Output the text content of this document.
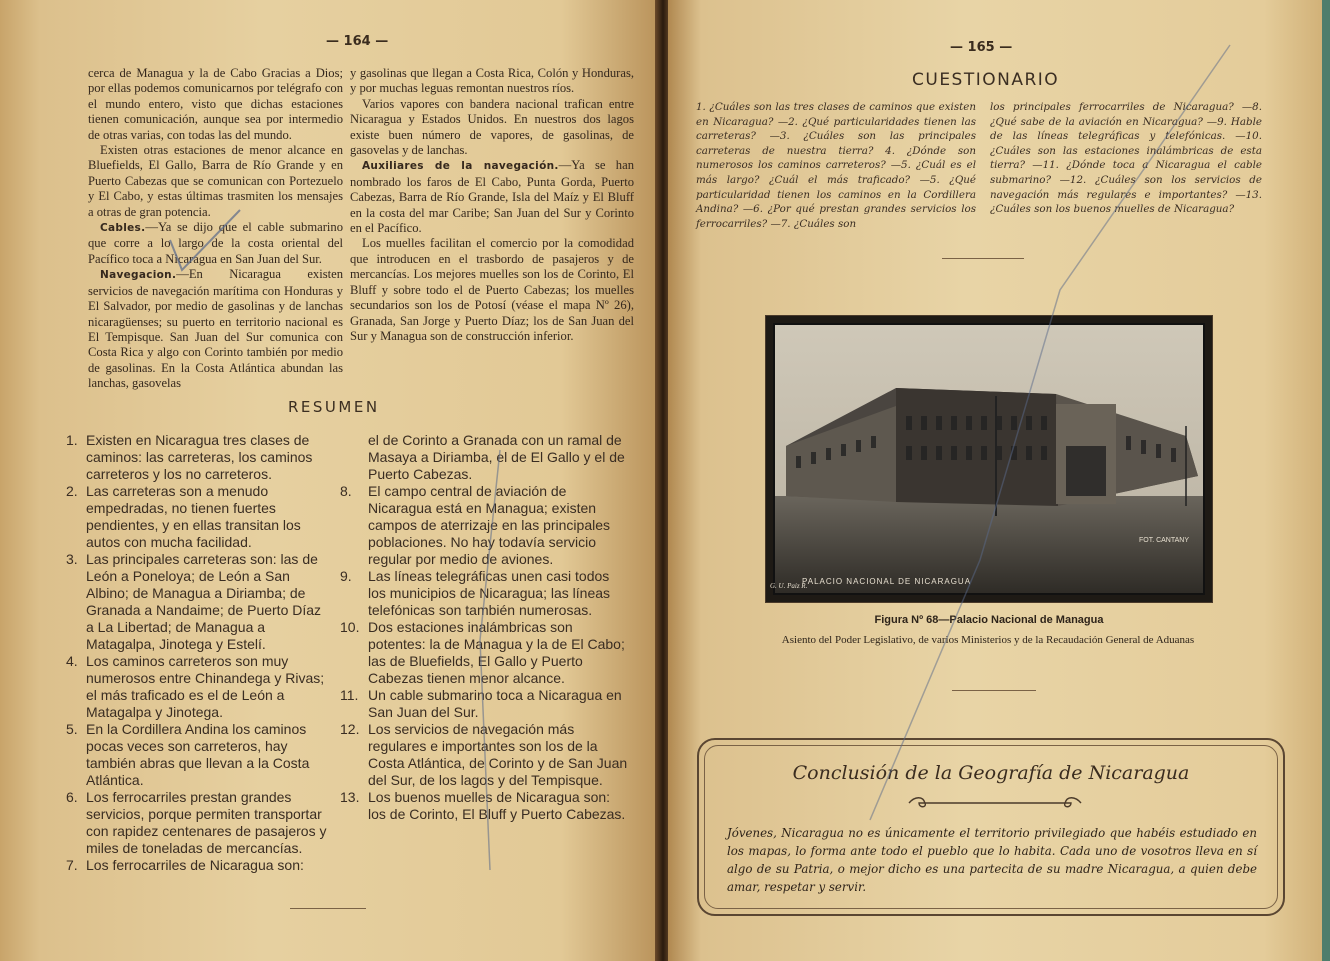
— 164 —

cerca de Managua y la de Cabo Gracias a Dios; por ellas podemos comunicarnos por telégrafo con el mundo entero, visto que dichas estaciones tienen comunicación, aunque sea por intermedio de otras varias, con todas las del mundo.

Existen otras estaciones de menor alcance en Bluefields, El Gallo, Barra de Río Grande y en Puerto Cabezas que se comunican con Portezuelo y El Cabo, y estas últimas trasmiten los mensajes a otras de gran potencia.

Cables.—Ya se dijo que el cable submarino que corre a lo largo de la costa oriental del Pacífico toca a Nicaragua en San Juan del Sur.

Navegacion.—En Nicaragua existen servicios de navegación marítima con Honduras y El Salvador, por medio de gasolinas y de lanchas nicaragüenses; su puerto en territorio nacional es El Tempisque. San Juan del Sur comunica con Costa Rica y algo con Corinto también por medio de gasolinas. En la Costa Atlántica abundan las lanchas, gasovelas

y gasolinas que llegan a Costa Rica, Colón y Honduras, y por muchas leguas remontan nuestros ríos.

Varios vapores con bandera nacional trafican entre Nicaragua y Estados Unidos. En nuestros dos lagos existe buen número de vapores, de gasolinas, de gasovelas y de lanchas.

Auxiliares de la navegación.—Ya se han nombrado los faros de El Cabo, Punta Gorda, Puerto Cabezas, Barra de Río Grande, Isla del Maíz y El Bluff en la costa del mar Caribe; San Juan del Sur y Corinto en el Pacífico.

Los muelles facilitan el comercio por la comodidad que introducen en el trasbordo de pasajeros y de mercancías. Los mejores muelles son los de Corinto, El Bluff y sobre todo el de Puerto Cabezas; los muelles secundarios son los de Potosí (véase el mapa Nº 26), Granada, San Jorge y Puerto Díaz; los de San Juan del Sur y Managua son de construcción inferior.

RESUMEN
1. Existen en Nicaragua tres clases de caminos: las carreteras, los caminos carreteros y los no carreteros.
2. Las carreteras son a menudo empedradas, no tienen fuertes pendientes, y en ellas transitan los autos con mucha facilidad.
3. Las principales carreteras son: las de León a Poneloya; de León a San Albino; de Managua a Diriamba; de Granada a Nandaime; de Puerto Díaz a La Libertad; de Managua a Matagalpa, Jinotega y Estelí.
4. Los caminos carreteros son muy numerosos entre Chinandega y Rivas; el más traficado es el de León a Matagalpa y Jinotega.
5. En la Cordillera Andina los caminos pocas veces son carreteros, hay también abras que llevan a la Costa Atlántica.
6. Los ferrocarriles prestan grandes servicios, porque permiten transportar con rapidez centenares de pasajeros y miles de toneladas de mercancías.
7. Los ferrocarriles de Nicaragua son:
el de Corinto a Granada con un ramal de Masaya a Diriamba, el de El Gallo y el de Puerto Cabezas.
8.	El campo central de aviación de Nicaragua está en Managua; existen campos de aterrizaje en las principales poblaciones. No hay todavía servicio regular por medio de aviones.
9.	Las líneas telegráficas unen casi todos los municipios de Nicaragua; las líneas telefónicas son también numerosas.
10. Dos estaciones inalámbricas son potentes: la de Managua y la de El Cabo; las de Bluefields, El Gallo y Puerto Cabezas tienen menor alcance.
11. Un cable submarino toca a Nicaragua en San Juan del Sur.
12. Los servicios de navegación más regulares e importantes son los de la Costa Atlántica, de Corinto y de San Juan del Sur, de los lagos y del Tempisque.
13. Los buenos muelles de Nicaragua son: los de Corinto, El Bluff y Puerto Cabezas.
— 165 —
CUESTIONARIO
1. ¿Cuáles son las tres clases de caminos que existen en Nicaragua? —2. ¿Qué particularidades tienen las carreteras? —3. ¿Cuáles son las principales carreteras de nuestra tierra? 4. ¿Dónde son numerosos los caminos carreteros? —5. ¿Cuál es el más largo? ¿Cuál el más traficado? —5. ¿Qué particularidad tienen los caminos en la Cordillera Andina? —6. ¿Por qué prestan grandes servicios los ferrocarriles? —7. ¿Cuáles son
los principales ferrocarriles de Nicaragua? —8. ¿Qué sabe de la aviación en Nicaragua? —9. Hable de las líneas telegráficas y telefónicas. —10. ¿Cuáles son las estaciones inalámbricas de esta tierra? —11. ¿Dónde toca a Nicaragua el cable submarino? —12. ¿Cuáles son los servicios de navegación más regulares e importantes? —13. ¿Cuáles son los buenos muelles de Nicaragua?
FOT. CANTANY
PALACIO NACIONAL DE NICARAGUA
G. U. Paiz R.
Figura Nº 68—Palacio Nacional de Managua
Asiento del Poder Legislativo, de varios Ministerios y de la Recaudación General de Aduanas
Conclusión de la Geografía de Nicaragua
Jóvenes, Nicaragua no es únicamente el territorio privilegiado que habéis estudiado en los mapas, lo forma ante todo el pueblo que lo habita. Cada uno de vosotros lleva en sí algo de su Patria, o mejor dicho es una partecita de su madre Nicaragua, a quien debe amar, respetar y servir.
